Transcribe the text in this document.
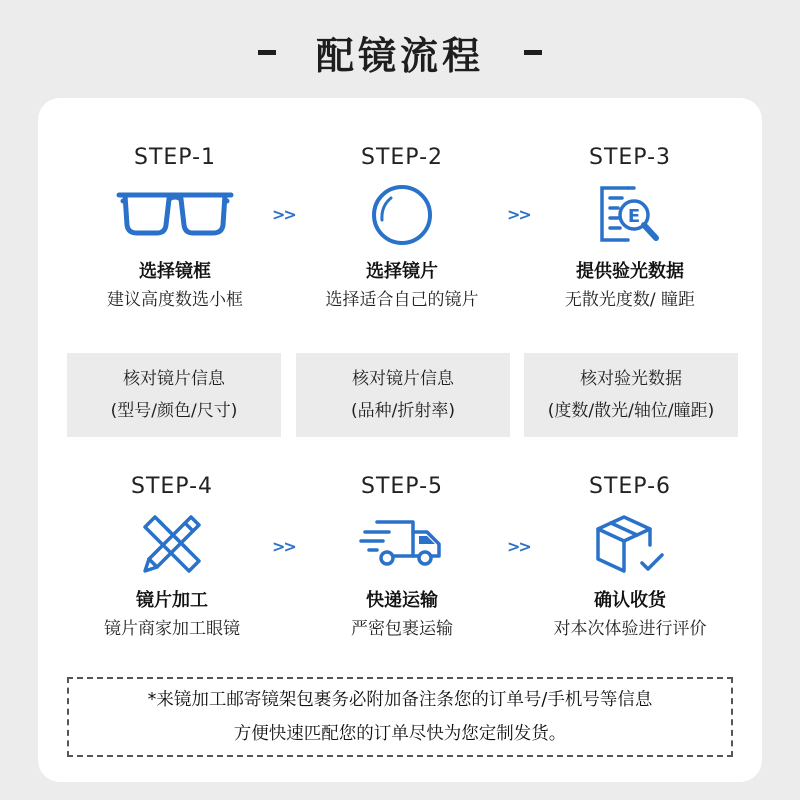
配镜流程
STEP-1
选择镜框
建议高度数选小框
>>
STEP-2
选择镜片
选择适合自己的镜片
>>
STEP-3
E
提供验光数据
无散光度数/ 瞳距
核对镜片信息
(型号/颜色/尺寸)
核对镜片信息
(品种/折射率)
核对验光数据
(度数/散光/轴位/瞳距)
STEP-4
镜片加工
镜片商家加工眼镜
>>
STEP-5
快递运输
严密包裹运输
>>
STEP-6
确认收货
对本次体验进行评价
*来镜加工邮寄镜架包裹务必附加备注条您的订单号/手机号等信息
方便快速匹配您的订单尽快为您定制发货。
